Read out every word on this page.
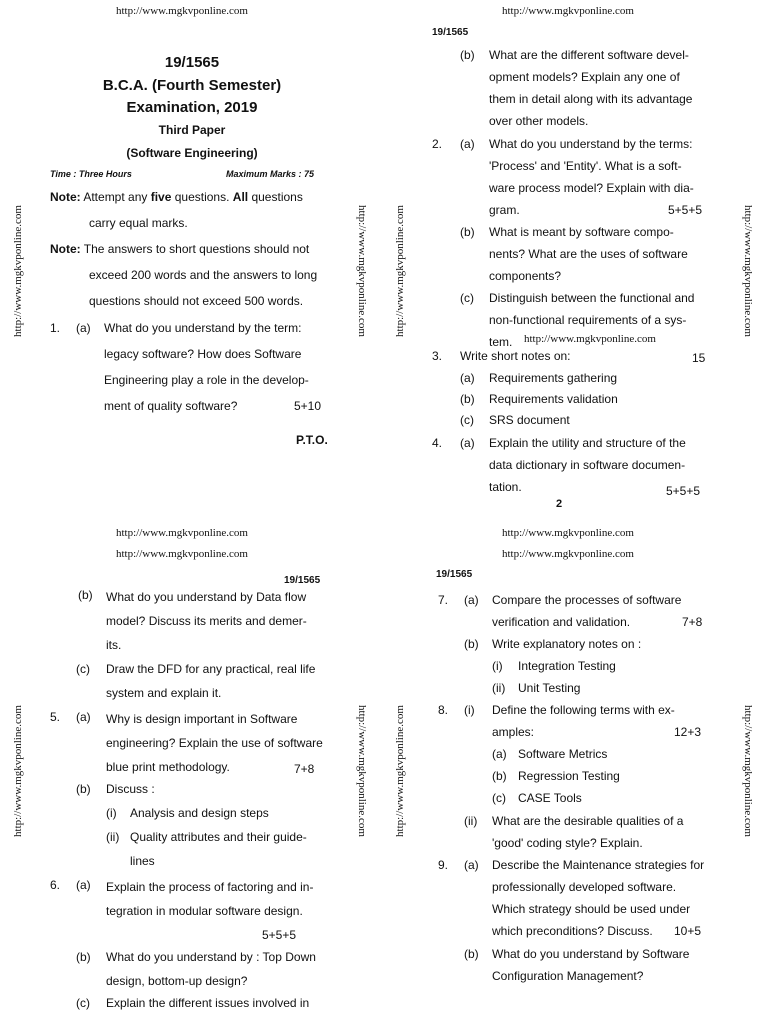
http://www.mgkvponline.com
19/1565
B.C.A. (Fourth Semester)
Examination, 2019
Third Paper
(Software Engineering)
Time : Three Hours	Maximum Marks : 75
Note: Attempt any five questions. All questions
carry equal marks.
Note: The answers to short questions should not
exceed 200 words and the answers to long
questions should not exceed 500 words.
1. (a) What do you understand by the term:
legacy software? How does Software
Engineering play a role in the develop-
ment of quality software?	5+10
P.T.O.
http://www.mgkvponline.com	http://www.mgkvponline.com
http://www.mgkvponline.com
19/1565
(b) What are the different software devel-
opment models? Explain any one of
them in detail along with its advantage
over other models.
2. (a) What do you understand by the terms:
'Process' and 'Entity'. What is a soft-
ware process model? Explain with dia-
gram.	5+5+5
(b) What is meant by software compo-
nents? What are the uses of software
components?
(c) Distinguish between the functional and
non-functional requirements of a sys-
tem. http://www.mgkvponline.com
3. Write short notes on:	15
(a) Requirements gathering
(b) Requirements validation
(c) SRS document
4. (a) Explain the utility and structure of the
data dictionary in software documen-
tation.	5+5+5
2
http://www.mgkvponline.com	http://www.mgkvponline.com
http://www.mgkvponline.com
http://www.mgkvponline.com
19/1565
(b) What do you understand by Data flow
model? Discuss its merits and demer-
its.
(c) Draw the DFD for any practical, real life
system and explain it.
5. (a) Why is design important in Software
engineering? Explain the use of software
blue print methodology.	7+8
(b) Discuss :
(i) Analysis and design steps
(ii) Quality attributes and their guide-
lines
6. (a) Explain the process of factoring and in-
tegration in modular software design.
5+5+5
(b) What do you understand by : Top Down
design, bottom-up design?
(c) Explain the different issues involved in
http://www.mgkvponline.com	http://www.mgkvponline.com
http://www.mgkvponline.com
http://www.mgkvponline.com
19/1565
7. (a) Compare the processes of software
verification and validation.	7+8
(b) Write explanatory notes on :
(i) Integration Testing
(ii) Unit Testing
8. (i) Define the following terms with ex-
amples:	12+3
(a) Software Metrics
(b) Regression Testing
(c) CASE Tools
(ii) What are the desirable qualities of a
'good' coding style? Explain.
9. (a) Describe the Maintenance strategies for
professionally developed software.
Which strategy should be used under
which preconditions? Discuss. 10+5
(b) What do you understand by Software
Configuration Management?
http://www.mgkvponline.com	http://www.mgkvponline.com
